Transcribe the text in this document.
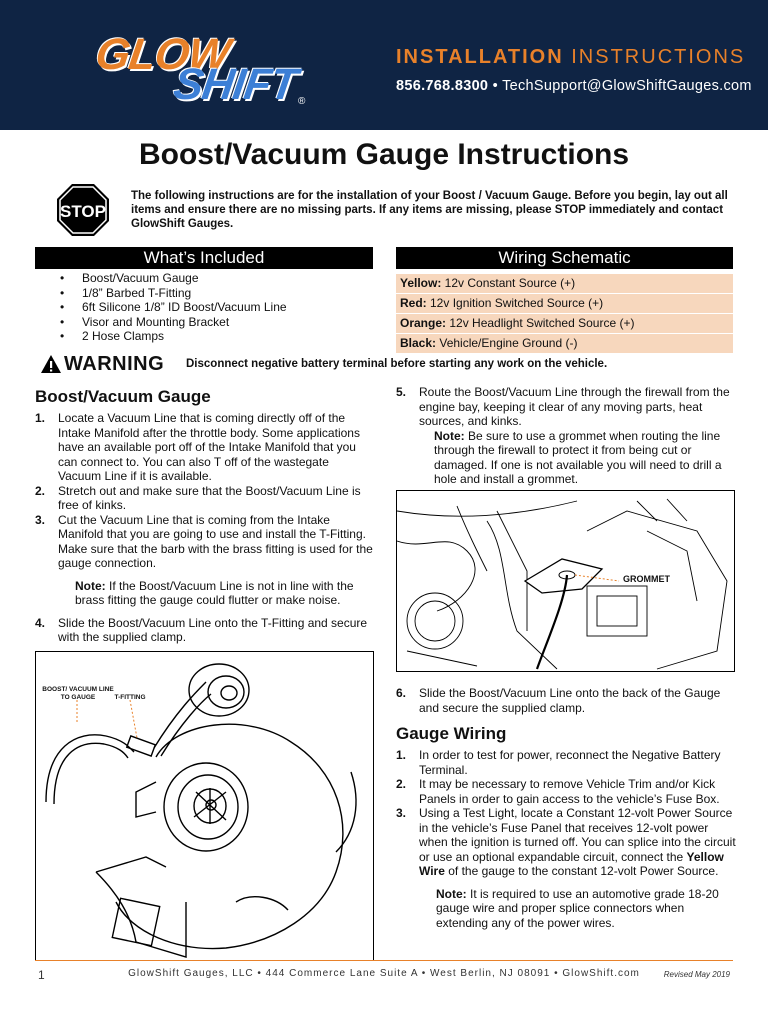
GLOW
SHIFT
®
INSTALLATION INSTRUCTIONS
856.768.8300 • TechSupport@GlowShiftGauges.com
Boost/Vacuum Gauge Instructions
STOP
The following instructions are for the installation of your Boost / Vacuum Gauge. Before you begin, lay out all items and ensure there are no missing parts. If any items are missing, please STOP immediately and contact GlowShift Gauges.
What’s Included
• Boost/Vacuum Gauge
• 1/8” Barbed T-Fitting
• 6ft Silicone 1/8” ID Boost/Vacuum Line
• Visor and Mounting Bracket
• 2 Hose Clamps
Wiring Schematic
Yellow: 12v Constant Source (+)
Red: 12v Ignition Switched Source (+)
Orange: 12v Headlight Switched Source (+)
Black: Vehicle/Engine Ground (-)
WARNING Disconnect negative battery terminal before starting any work on the vehicle.
Boost/Vacuum Gauge
1. Locate a Vacuum Line that is coming directly off of the Intake Manifold after the throttle body. Some applications have an available port off of the Intake Manifold that you can connect to. You can also T off of the wastegate Vacuum Line if it is available.
2. Stretch out and make sure that the Boost/Vacuum Line is free of kinks.
3. Cut the Vacuum Line that is coming from the Intake Manifold that you are going to use and install the T-Fitting. Make sure that the barb with the brass fitting is used for the gauge connection.
Note: If the Boost/Vacuum Line is not in line with the brass fitting the gauge could flutter or make noise.
4. Slide the Boost/Vacuum Line onto the T-Fitting and secure with the supplied clamp.
BOOST/ VACUUM LINE TO GAUGE	T-FITTING
5. Route the Boost/Vacuum Line through the firewall from the engine bay, keeping it clear of any moving parts, heat sources, and kinks.
Note: Be sure to use a grommet when routing the line through the firewall to protect it from being cut or damaged. If one is not available you will need to drill a hole and install a grommet.
GROMMET
6. Slide the Boost/Vacuum Line onto the back of the Gauge and secure the supplied clamp.
Gauge Wiring
1. In order to test for power, reconnect the Negative Battery Terminal.
2. It may be necessary to remove Vehicle Trim and/or Kick Panels in order to gain access to the vehicle’s Fuse Box.
3. Using a Test Light, locate a Constant 12-volt Power Source in the vehicle’s Fuse Panel that receives 12-volt power when the ignition is turned off. You can splice into the circuit or use an optional expandable circuit, connect the Yellow Wire of the gauge to the constant 12-volt Power Source.
Note: It is required to use an automotive grade 18-20 gauge wire and proper splice connectors when extending any of the power wires.
1	GlowShift Gauges, LLC • 444 Commerce Lane Suite A • West Berlin, NJ 08091 • GlowShift.com	Revised May 2019
